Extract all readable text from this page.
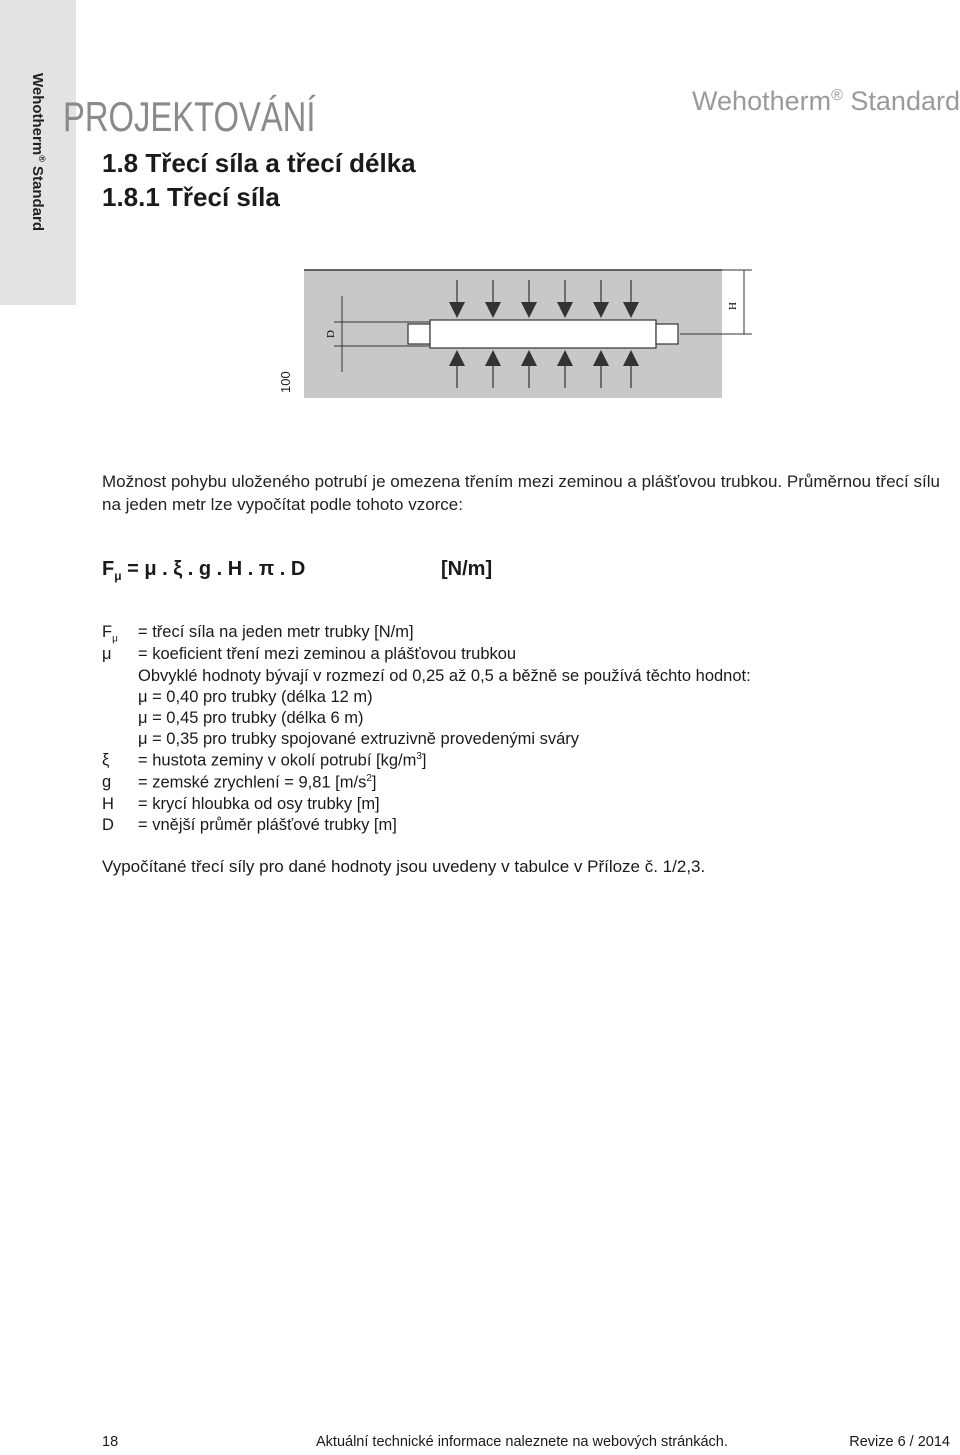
Wehotherm® Standard
PROJEKTOVÁNÍ	Wehotherm® Standard
1.8 Třecí síla a třecí délka
1.8.1 Třecí síla
H
D
100
Možnost pohybu uloženého potrubí je omezena třením mezi zeminou a plášťovou trubkou. Průměrnou třecí sílu na jeden metr lze vypočítat podle tohoto vzorce:
$F_\mu = \mu$ . ξ . g . H . π . D	[N/m]
$F_\mu$ = třecí síla na jeden metr trubky [N/m]
μ = koeficient tření mezi zeminou a plášťovou trubkou
Obvyklé hodnoty bývají v rozmezí od 0,25 až 0,5 a běžně se používá těchto hodnot:
μ = 0,40 pro trubky (délka 12 m)
μ = 0,45 pro trubky (délka 6 m)
μ = 0,35 pro trubky spojované extruzivně provedenými sváry
ξ = hustota zeminy v okolí potrubí $[kg/m^3]$
g = zemské zrychlení = 9,81 $[m/s^2]$
H = krycí hloubka od osy trubky [m]
D = vnější průměr plášťové trubky [m]
Vypočítané třecí síly pro dané hodnoty jsou uvedeny v tabulce v Příloze č. 1/2,3.
18	Aktuální technické informace naleznete na webových stránkách.	Revize 6 / 2014
